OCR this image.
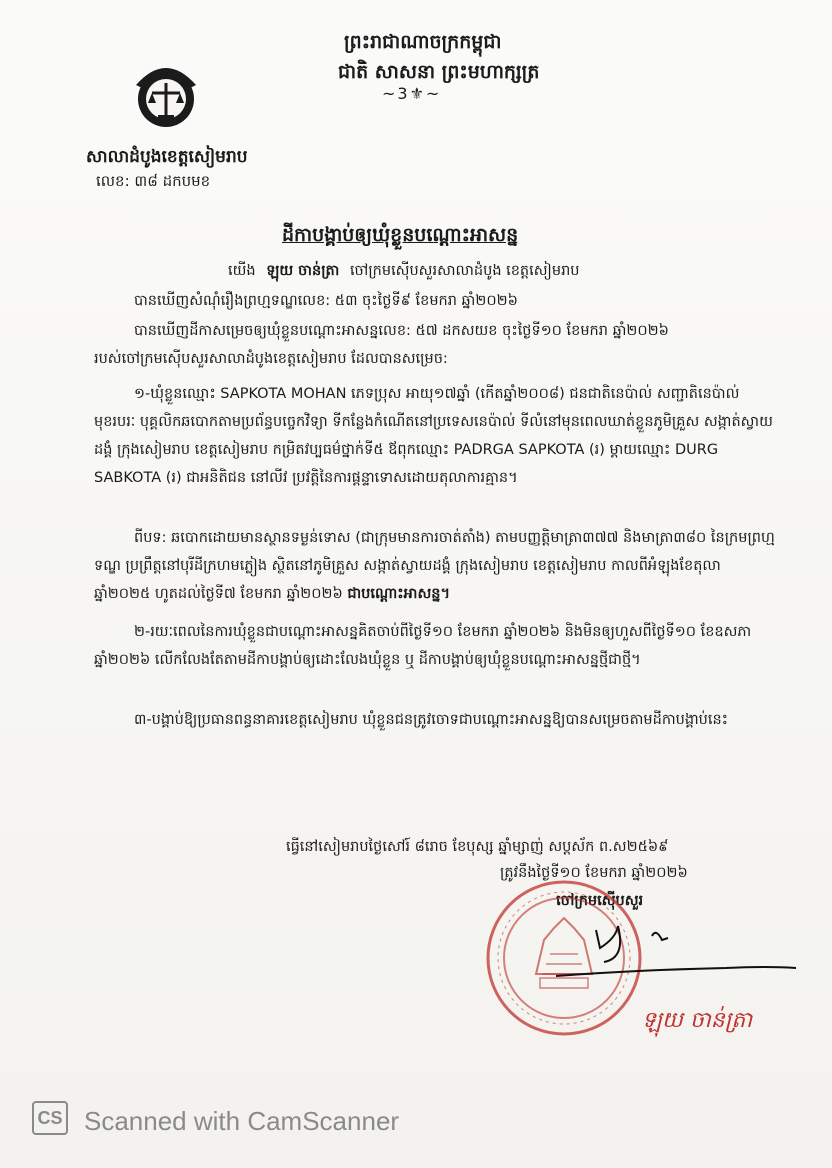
ព្រះរាជាណាចក្រកម្ពុជា
ជាតិ សាសនា ព្រះមហាក្សត្រ
~3⚜~
សាលាដំបូងខេត្តសៀមរាប
លេខ: ៣៨ ដកបមខ
ដីកាបង្គាប់ឲ្យឃុំខ្លួនបណ្ដោះអាសន្ន
យើង ឡុយ ចាន់ត្រា ចៅក្រមស៊ើបសួរសាលាដំបូង ខេត្តសៀមរាប
បានឃើញសំណុំរឿងព្រហ្មទណ្ឌលេខ: ៥៣ ចុះថ្ងៃទី៩ ខែមករា ឆ្នាំ២០២៦
បានឃើញដីកាសម្រេចឲ្យឃុំខ្លួនបណ្ដោះអាសន្នលេខ: ៥៧ ដកសយខ ចុះថ្ងៃទី១០ ខែមករា ឆ្នាំ២០២៦
របស់ចៅក្រមស៊ើបសួរសាលាដំបូងខេត្តសៀមរាប ដែលបានសម្រេច:
១-ឃុំខ្លួនឈ្មោះ SAPKOTA MOHAN ភេទប្រុស អាយុ១៧ឆ្នាំ (កើតឆ្នាំ២០០៨) ជនជាតិនេប៉ាល់ សញ្ជាតិនេប៉ាល់ មុខរបរៈ បុគ្គលិកឆបោកតាមប្រព័ន្ធបច្ចេកវិទ្យា ទីកន្លែងកំណើតនៅប្រទេសនេប៉ាល់ ទីលំនៅមុនពេលឃាត់ខ្លួនភូមិគ្រួស សង្កាត់ស្វាយដង្គំ ក្រុងសៀមរាប ខេត្តសៀមរាប កម្រិតវប្បធម៌ថ្នាក់ទី៥ ឪពុកឈ្មោះ PADRGA SAPKOTA (រ) ម្ដាយឈ្មោះ DURG SABKOTA (រ) ជាអនិតិជន នៅលីវ ប្រវត្តិនៃការផ្ដន្ទាទោសដោយតុលាការគ្មាន។
ពីបទ: ឆបោកដោយមានស្ថានទម្ងន់ទោស (ជាក្រុមមានការចាត់តាំង) តាមបញ្ញត្តិមាត្រា៣៧៧ និងមាត្រា៣៨០ នៃក្រមព្រហ្មទណ្ឌ ប្រព្រឹត្តនៅបុរីដីក្រហមភ្លៀង ស្ថិតនៅភូមិគ្រួស សង្កាត់ស្វាយដង្គំ ក្រុងសៀមរាប ខេត្តសៀមរាប កាលពីអំឡុងខែតុលា ឆ្នាំ២០២៥ ហូតដល់ថ្ងៃទី៧ ខែមករា ឆ្នាំ២០២៦ ជាបណ្ដោះអាសន្ន។
២-រយៈពេលនៃការឃុំខ្លួនជាបណ្ដោះអាសន្នគិតចាប់ពីថ្ងៃទី១០ ខែមករា ឆ្នាំ២០២៦ និងមិនឲ្យហួសពីថ្ងៃទី១០ ខែឧសភា ឆ្នាំ២០២៦ លើកលែងតែតាមដីកាបង្គាប់ឲ្យដោះលែងឃុំខ្លួន ឬ ដីកាបង្គាប់ឲ្យឃុំខ្លួនបណ្ដោះអាសន្នថ្មីជាថ្មី។
៣-បង្គាប់ឱ្យប្រធានពន្ធនាគារខេត្តសៀមរាប ឃុំខ្លួនជនត្រូវចោទជាបណ្ដោះអាសន្នឱ្យបានសម្រេចតាមដីកាបង្គាប់នេះ
ធ្វើនៅសៀមរាបថ្ងៃសៅរ៍ ៨រោច ខែបុស្ស ឆ្នាំម្សាញ់ សប្តស័ក ព.ស២៥៦៩
ត្រូវនឹងថ្ងៃទី១០ ខែមករា ឆ្នាំ២០២៦
ចៅក្រមស៊ើបសួរ
ឡុយ ចាន់ត្រា
CS Scanned with CamScanner
